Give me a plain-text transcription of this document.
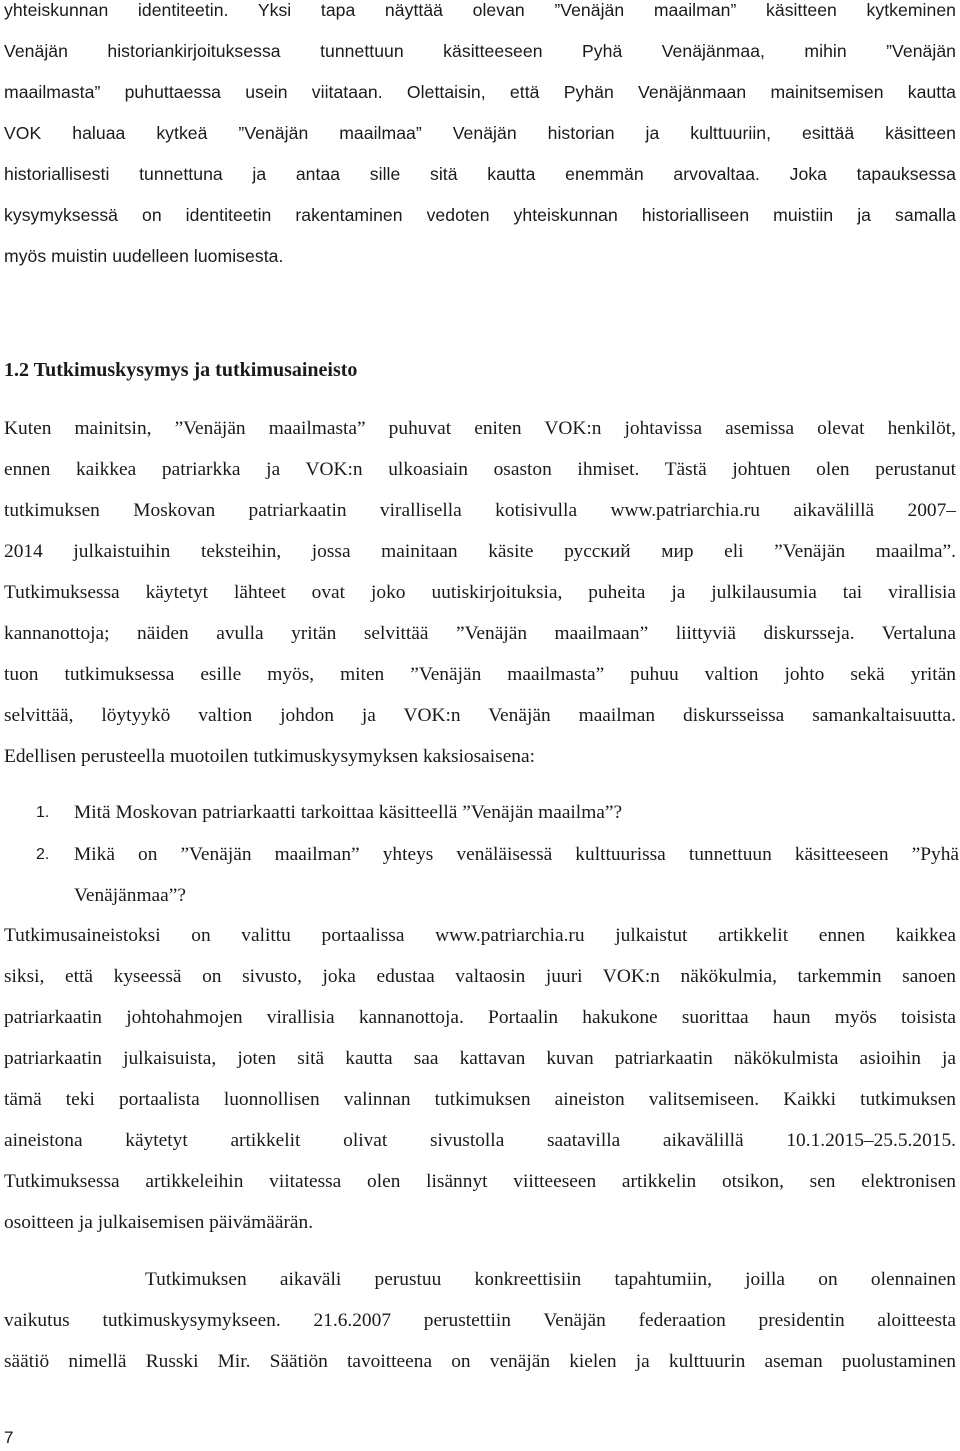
yhteiskunnan identiteetin. Yksi tapa näyttää olevan ”Venäjän maailman” käsitteen kytkeminen
Venäjän historiankirjoituksessa tunnettuun käsitteeseen Pyhä Venäjänmaa, mihin ”Venäjän
maailmasta” puhuttaessa usein viitataan. Olettaisin, että Pyhän Venäjänmaan mainitsemisen kautta
VOK haluaa kytkeä ”Venäjän maailmaa” Venäjän historian ja kulttuuriin, esittää käsitteen
historiallisesti tunnettuna ja antaa sille sitä kautta enemmän arvovaltaa. Joka tapauksessa
kysymyksessä on identiteetin rakentaminen vedoten yhteiskunnan historialliseen muistiin ja samalla
myös muistin uudelleen luomisesta.
1.2 Tutkimuskysymys ja tutkimusaineisto
Kuten mainitsin, ”Venäjän maailmasta” puhuvat eniten VOK:n johtavissa asemissa olevat henkilöt,
ennen kaikkea patriarkka ja VOK:n ulkoasiain osaston ihmiset. Tästä johtuen olen perustanut
tutkimuksen Moskovan patriarkaatin virallisella kotisivulla www.patriarchia.ru aikavälillä 2007–
2014 julkaistuihin teksteihin, jossa mainitaan käsite русский мир eli ”Venäjän maailma”.
Tutkimuksessa käytetyt lähteet ovat joko uutiskirjoituksia, puheita ja julkilausumia tai virallisia
kannanottoja; näiden avulla yritän selvittää ”Venäjän maailmaan” liittyviä diskursseja. Vertaluna
tuon tutkimuksessa esille myös, miten ”Venäjän maailmasta” puhuu valtion johto sekä yritän
selvittää, löytyykö valtion johdon ja VOK:n Venäjän maailman diskursseissa samankaltaisuutta.
Edellisen perusteella muotoilen tutkimuskysymyksen kaksiosaisena:
1. Mitä Moskovan patriarkaatti tarkoittaa käsitteellä ”Venäjän maailma”?
2. Mikä on ”Venäjän maailman” yhteys venäläisessä kulttuurissa tunnettuun käsitteeseen ”Pyhä
Venäjänmaa”?
Tutkimusaineistoksi on valittu portaalissa www.patriarchia.ru julkaistut artikkelit ennen kaikkea
siksi, että kyseessä on sivusto, joka edustaa valtaosin juuri VOK:n näkökulmia, tarkemmin sanoen
patriarkaatin johtohahmojen virallisia kannanottoja. Portaalin hakukone suorittaa haun myös toisista
patriarkaatin julkaisuista, joten sitä kautta saa kattavan kuvan patriarkaatin näkökulmista asioihin ja
tämä teki portaalista luonnollisen valinnan tutkimuksen aineiston valitsemiseen. Kaikki tutkimuksen
aineistona käytetyt artikkelit olivat sivustolla saatavilla aikavälillä 10.1.2015–25.5.2015.
Tutkimuksessa artikkeleihin viitatessa olen lisännyt viitteeseen artikkelin otsikon, sen elektronisen
osoitteen ja julkaisemisen päivämäärän.
Tutkimuksen aikaväli perustuu konkreettisiin tapahtumiin, joilla on olennainen
vaikutus tutkimuskysymykseen. 21.6.2007 perustettiin Venäjän federaation presidentin aloitteesta
säätiö nimellä Russki Mir. Säätiön tavoitteena on venäjän kielen ja kulttuurin aseman puolustaminen
7
